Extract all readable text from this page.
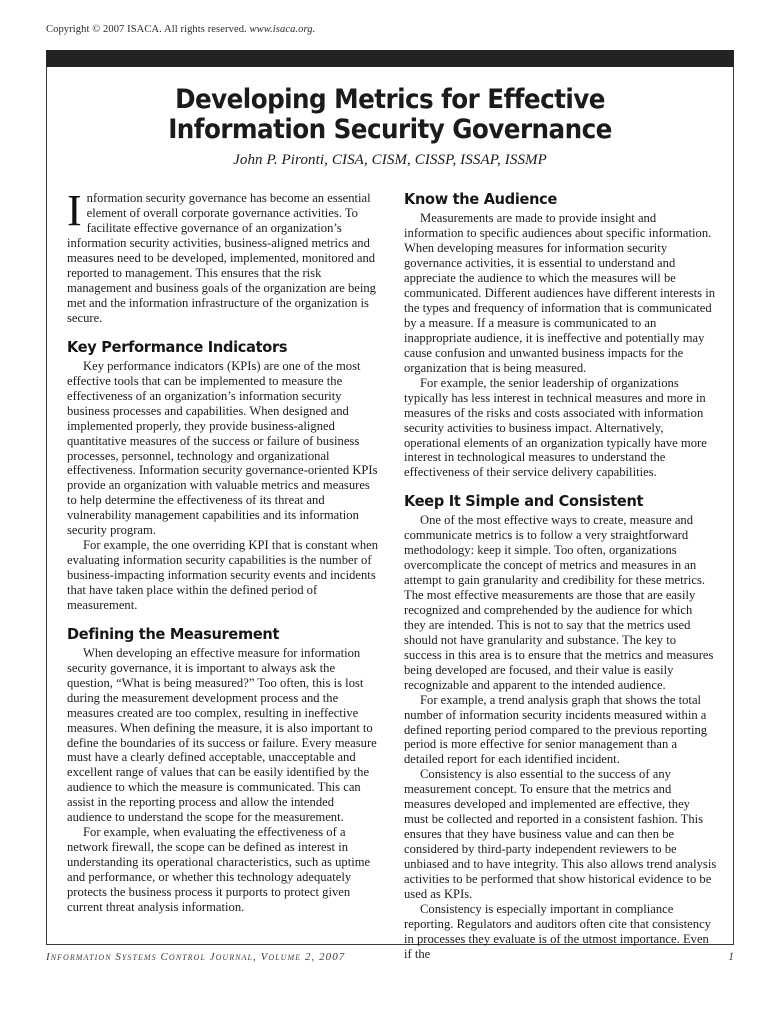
Copyright © 2007 ISACA. All rights reserved. www.isaca.org.
Developing Metrics for Effective
Information Security Governance
John P. Pironti, CISA, CISM, CISSP, ISSAP, ISSMP

Information security governance has become an essential element of overall corporate governance activities. To facilitate effective governance of an organization’s information security activities, business-aligned metrics and measures need to be developed, implemented, monitored and reported to management. This ensures that the risk management and business goals of the organization are being met and the information infrastructure of the organization is secure.

Key Performance Indicators

Key performance indicators (KPIs) are one of the most effective tools that can be implemented to measure the effectiveness of an organization’s information security business processes and capabilities. When designed and implemented properly, they provide business-aligned quantitative measures of the success or failure of business processes, personnel, technology and organizational effectiveness. Information security governance-oriented KPIs provide an organization with valuable metrics and measures to help determine the effectiveness of its threat and vulnerability management capabilities and its information security program.

For example, the one overriding KPI that is constant when evaluating information security capabilities is the number of business-impacting information security events and incidents that have taken place within the defined period of measurement.

Defining the Measurement

When developing an effective measure for information security governance, it is important to always ask the question, “What is being measured?” Too often, this is lost during the measurement development process and the measures created are too complex, resulting in ineffective measures. When defining the measure, it is also important to define the boundaries of its success or failure. Every measure must have a clearly defined acceptable, unacceptable and excellent range of values that can be easily identified by the audience to which the measure is communicated. This can assist in the reporting process and allow the intended audience to understand the scope for the measurement.

For example, when evaluating the effectiveness of a network firewall, the scope can be defined as interest in understanding its operational characteristics, such as uptime and performance, or whether this technology adequately protects the business process it purports to protect given current threat analysis information.

Know the Audience

Measurements are made to provide insight and information to specific audiences about specific information. When developing measures for information security governance activities, it is essential to understand and appreciate the audience to which the measures will be communicated. Different audiences have different interests in the types and frequency of information that is communicated by a measure. If a measure is communicated to an inappropriate audience, it is ineffective and potentially may cause confusion and unwanted business impacts for the organization that is being measured.

For example, the senior leadership of organizations typically has less interest in technical measures and more in measures of the risks and costs associated with information security activities to business impact. Alternatively, operational elements of an organization typically have more interest in technological measures to understand the effectiveness of their service delivery capabilities.

Keep It Simple and Consistent

One of the most effective ways to create, measure and communicate metrics is to follow a very straightforward methodology: keep it simple. Too often, organizations overcomplicate the concept of metrics and measures in an attempt to gain granularity and credibility for these metrics. The most effective measurements are those that are easily recognized and comprehended by the audience for which they are intended. This is not to say that the metrics used should not have granularity and substance. The key to success in this area is to ensure that the metrics and measures being developed are focused, and their value is easily recognizable and apparent to the intended audience.

For example, a trend analysis graph that shows the total number of information security incidents measured within a defined reporting period compared to the previous reporting period is more effective for senior management than a detailed report for each identified incident.

Consistency is also essential to the success of any measurement concept. To ensure that the metrics and measures developed and implemented are effective, they must be collected and reported in a consistent fashion. This ensures that they have business value and can then be considered by third-party independent reviewers to be unbiased and to have integrity. This also allows trend analysis activities to be performed that show historical evidence to be used as KPIs.

Consistency is especially important in compliance reporting. Regulators and auditors often cite that consistency in processes they evaluate is of the utmost importance. Even if the

Information Systems Control Journal, Volume 2, 2007	1
